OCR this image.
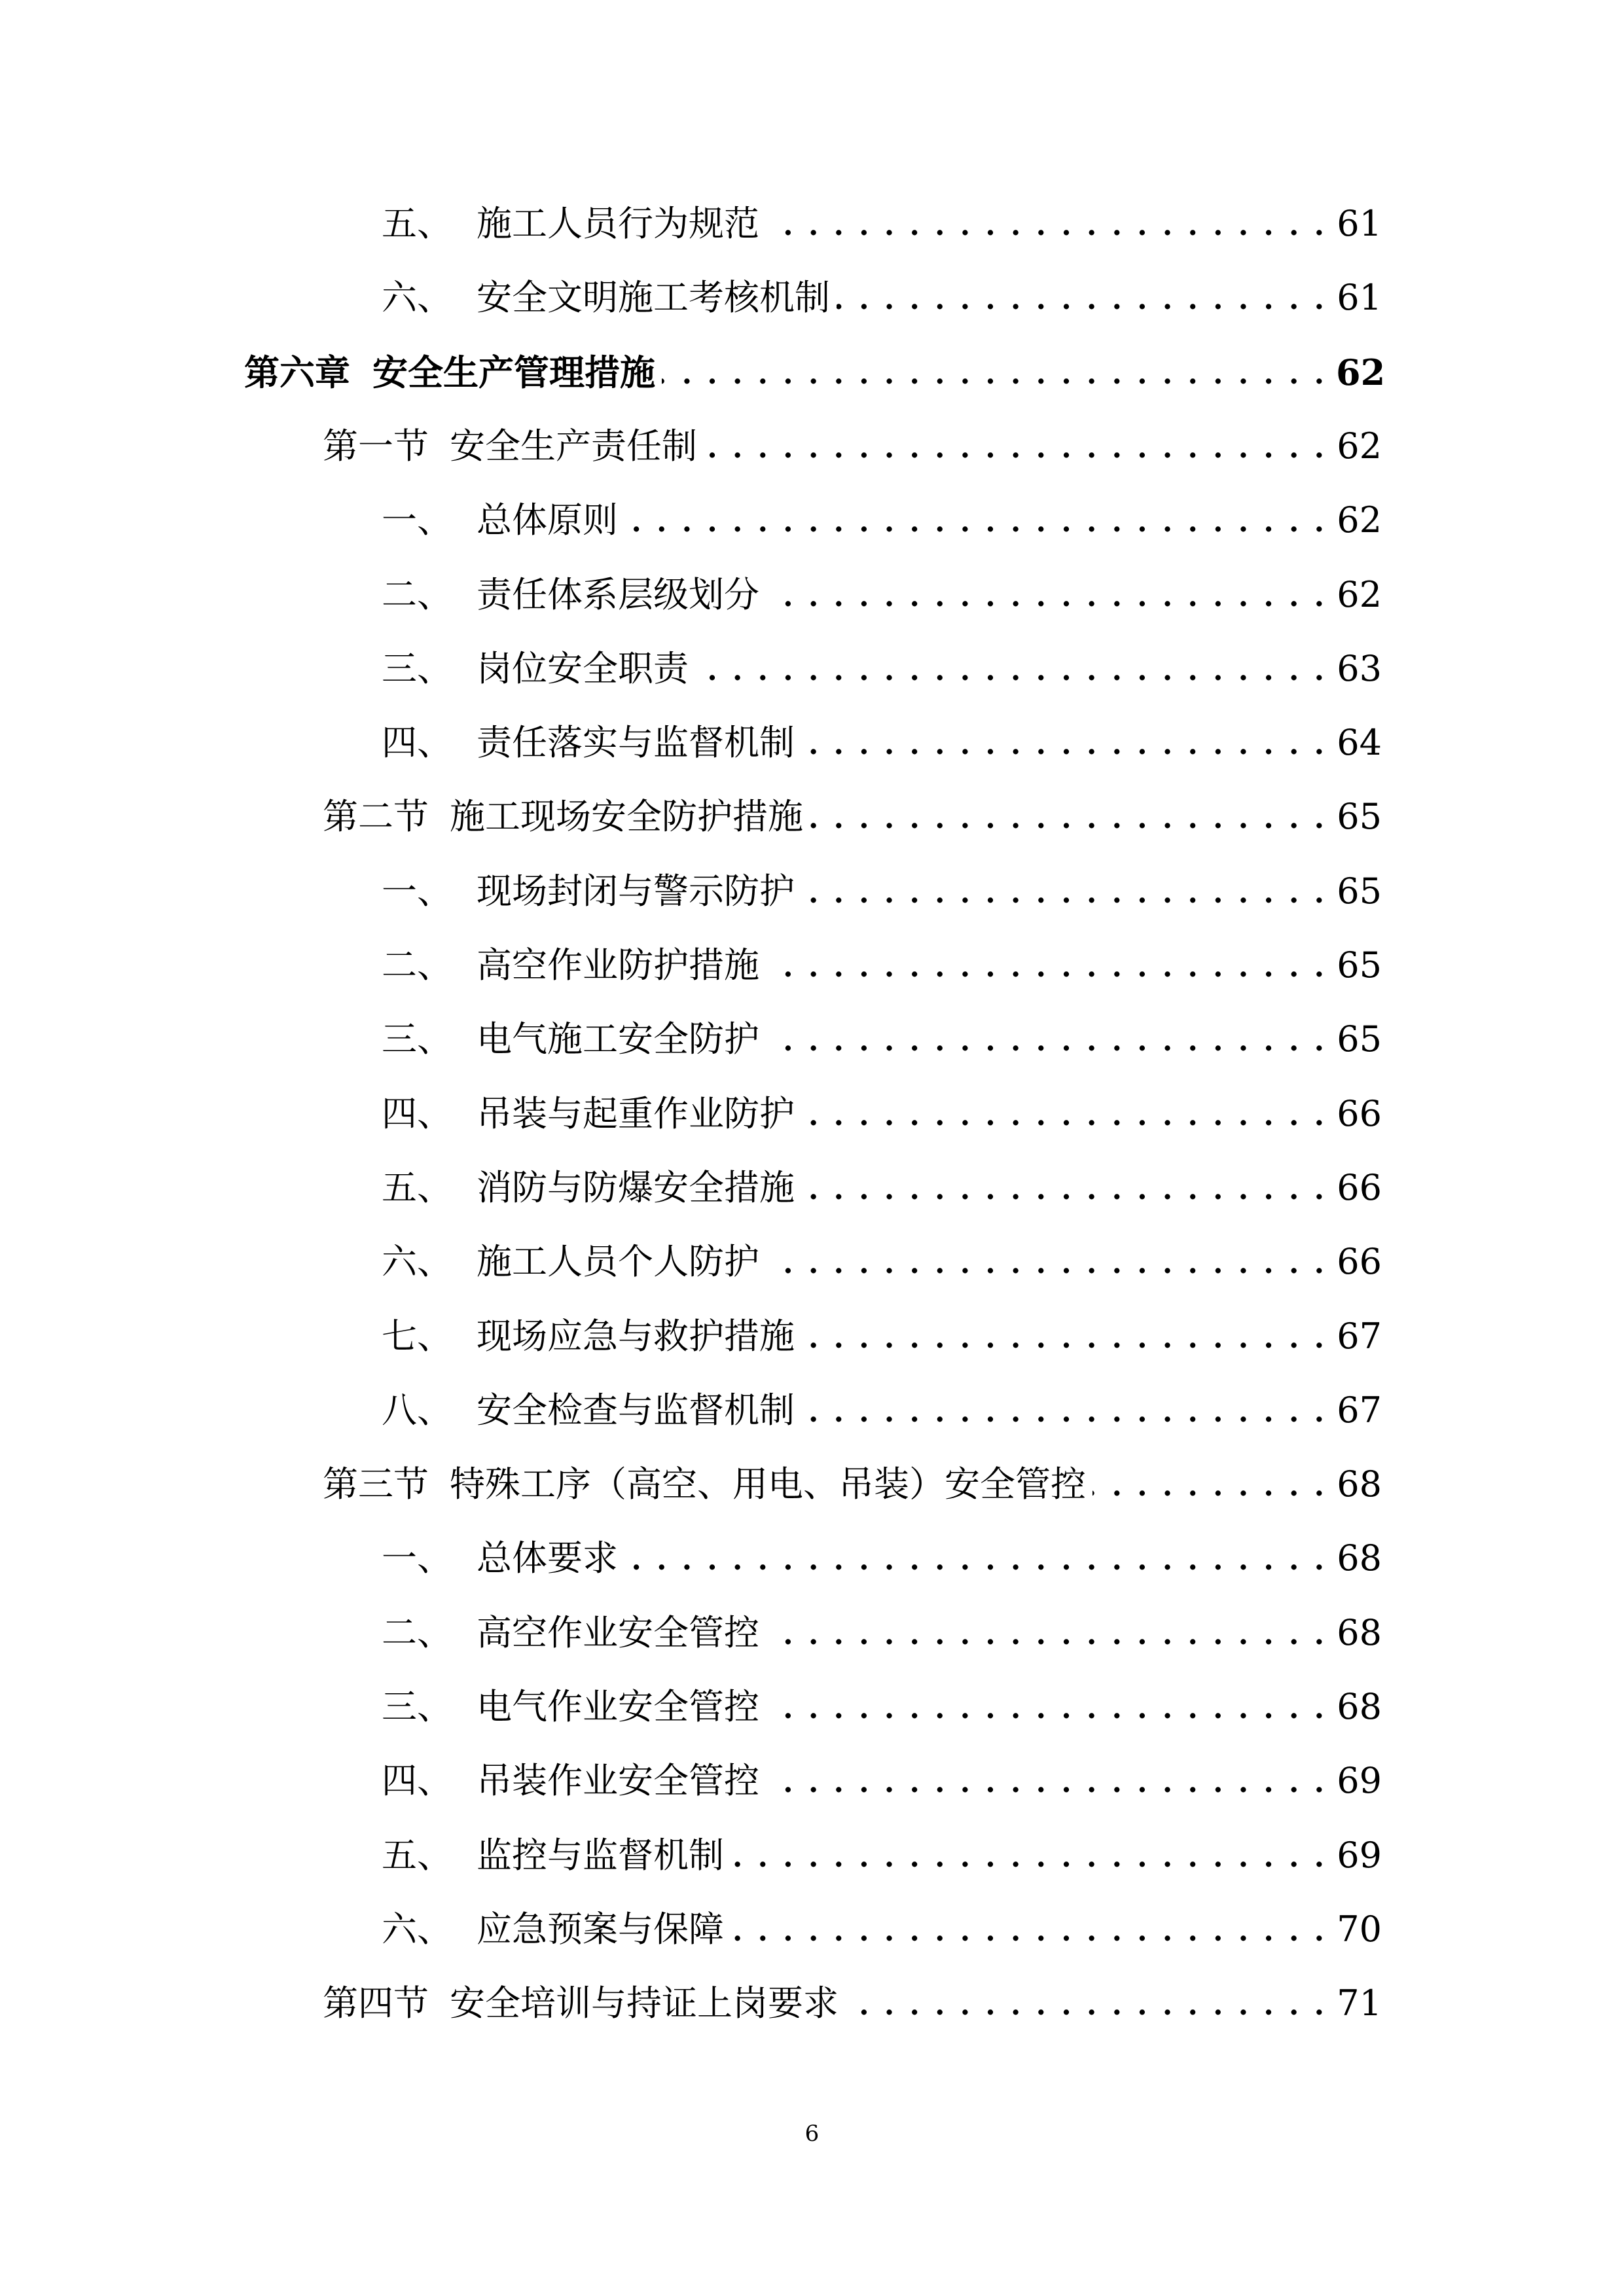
五、 施工人员行为规范 . . .	61
六、 安全文明施工考核机制 . . .	61
第六章 安全生产管理措施 . . .	62
第一节 安全生产责任制 . . .	62
一、 总体原则 . . .	62
二、 责任体系层级划分 . . .	62
三、 岗位安全职责 . . .	63
四、 责任落实与监督机制 . . .	64
第二节 施工现场安全防护措施 . . .	65
一、 现场封闭与警示防护 . . .	65
二、 高空作业防护措施 . . .	65
三、 电气施工安全防护 . . .	65
四、 吊装与起重作业防护 . . .	66
五、 消防与防爆安全措施 . . .	66
六、 施工人员个人防护 . . .	66
七、 现场应急与救护措施 . . .	67
八、 安全检查与监督机制 . . .	67
第三节 特殊工序（高空、用电、吊装）安全管控 . . .	68
一、 总体要求 . . .	68
二、 高空作业安全管控 . . .	68
三、 电气作业安全管控 . . .	68
四、 吊装作业安全管控 . . .	69
五、 监控与监督机制 . . .	69
六、 应急预案与保障 . . .	70
第四节 安全培训与持证上岗要求 . . .	71
6
